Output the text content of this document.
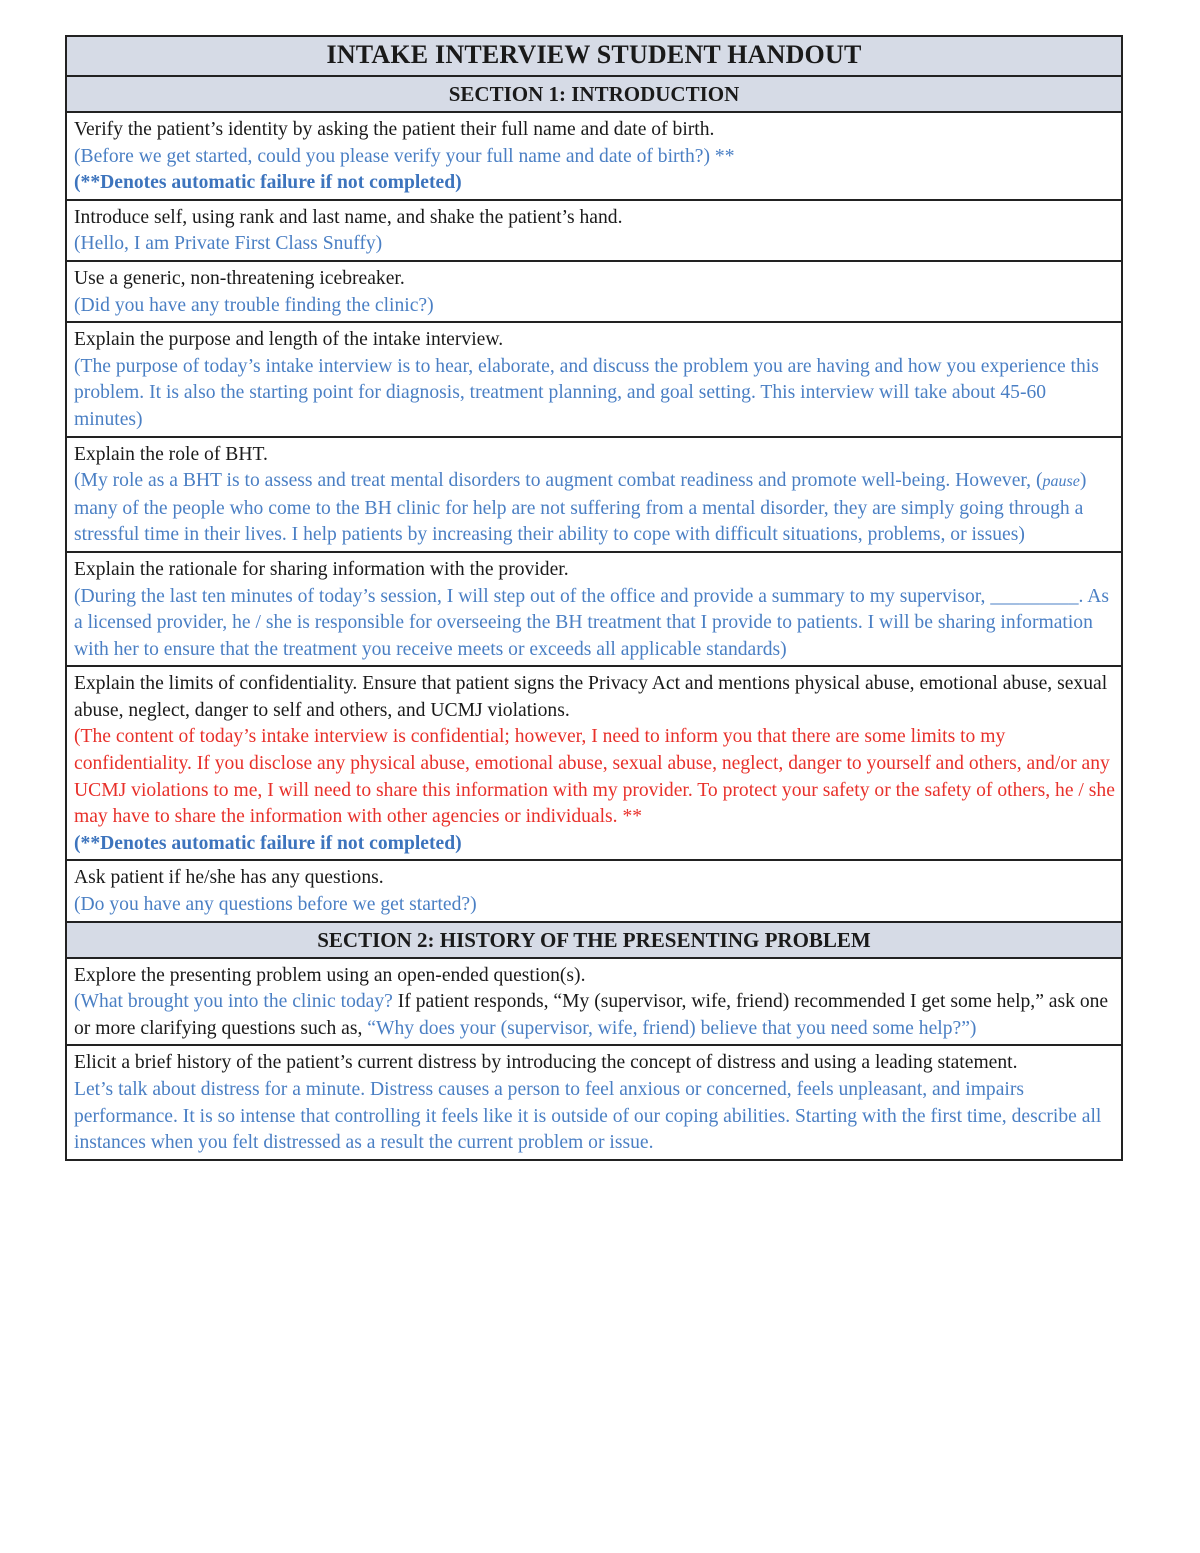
INTAKE INTERVIEW STUDENT HANDOUT
SECTION 1: INTRODUCTION
Verify the patient’s identity by asking the patient their full name and date of birth.
(Before we get started, could you please verify your full name and date of birth?) **
(**Denotes automatic failure if not completed)
Introduce self, using rank and last name, and shake the patient’s hand.
(Hello, I am Private First Class Snuffy)
Use a generic, non-threatening icebreaker.
(Did you have any trouble finding the clinic?)
Explain the purpose and length of the intake interview.
(The purpose of today’s intake interview is to hear, elaborate, and discuss the problem you are having and how you experience this problem. It is also the starting point for diagnosis, treatment planning, and goal setting. This interview will take about 45-60 minutes)
Explain the role of BHT.
(My role as a BHT is to assess and treat mental disorders to augment combat readiness and promote well-being. However, (pause) many of the people who come to the BH clinic for help are not suffering from a mental disorder, they are simply going through a stressful time in their lives. I help patients by increasing their ability to cope with difficult situations, problems, or issues)
Explain the rationale for sharing information with the provider.
(During the last ten minutes of today’s session, I will step out of the office and provide a summary to my supervisor, _________. As a licensed provider, he / she is responsible for overseeing the BH treatment that I provide to patients. I will be sharing information with her to ensure that the treatment you receive meets or exceeds all applicable standards)
Explain the limits of confidentiality. Ensure that patient signs the Privacy Act and mentions physical abuse, emotional abuse, sexual abuse, neglect, danger to self and others, and UCMJ violations.
(The content of today’s intake interview is confidential; however, I need to inform you that there are some limits to my confidentiality. If you disclose any physical abuse, emotional abuse, sexual abuse, neglect, danger to yourself and others, and/or any UCMJ violations to me, I will need to share this information with my provider. To protect your safety or the safety of others, he / she may have to share the information with other agencies or individuals. **
(**Denotes automatic failure if not completed)
Ask patient if he/she has any questions.
(Do you have any questions before we get started?)
SECTION 2: HISTORY OF THE PRESENTING PROBLEM
Explore the presenting problem using an open-ended question(s).
(What brought you into the clinic today? If patient responds, “My (supervisor, wife, friend) recommended I get some help,” ask one or more clarifying questions such as, “Why does your (supervisor, wife, friend) believe that you need some help?”)
Elicit a brief history of the patient’s current distress by introducing the concept of distress and using a leading statement.
Let’s talk about distress for a minute. Distress causes a person to feel anxious or concerned, feels unpleasant, and impairs performance. It is so intense that controlling it feels like it is outside of our coping abilities. Starting with the first time, describe all instances when you felt distressed as a result the current problem or issue.
